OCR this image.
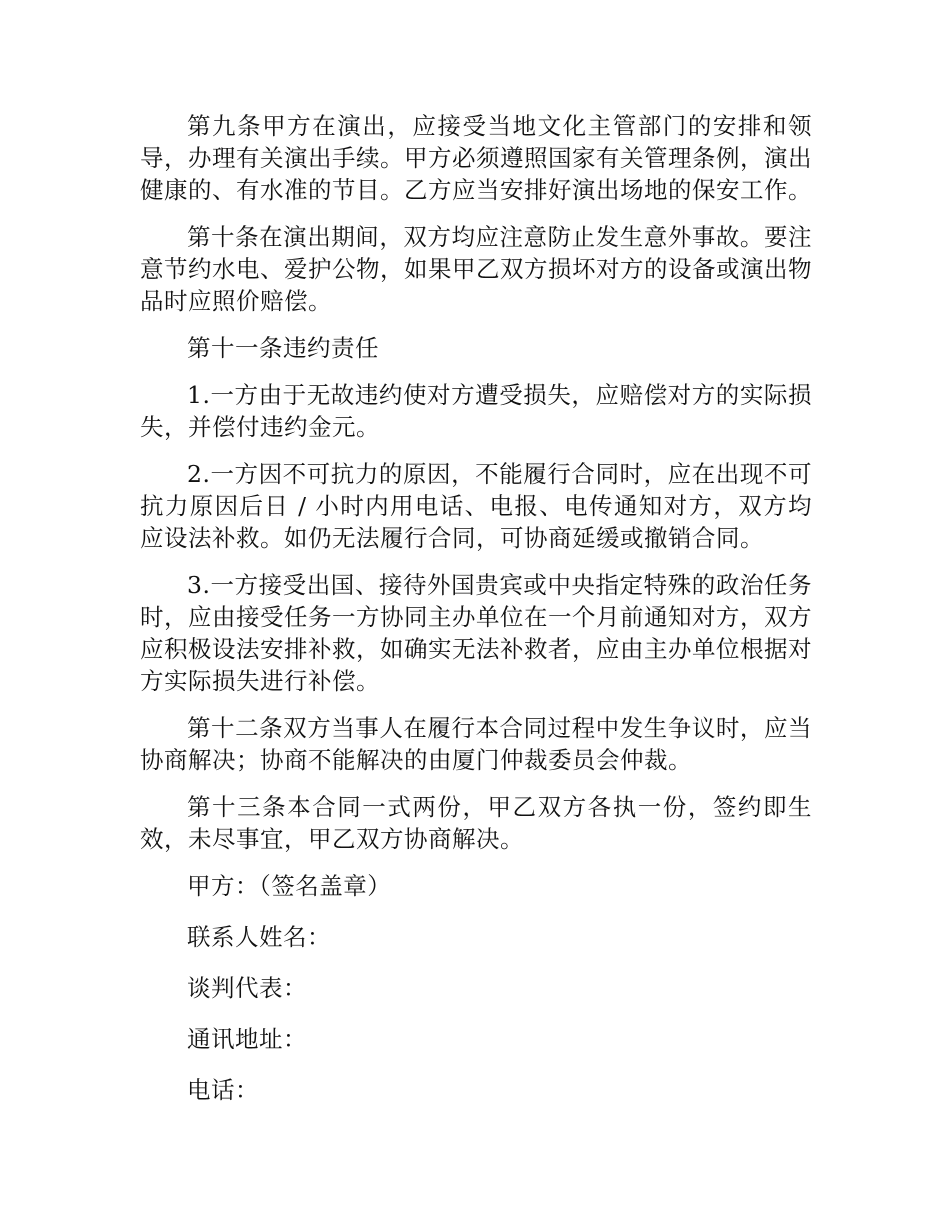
第九条甲方在演出，应接受当地文化主管部门的安排和领导，办理有关演出手续。甲方必须遵照国家有关管理条例，演出健康的、有水准的节目。乙方应当安排好演出场地的保安工作。

第十条在演出期间，双方均应注意防止发生意外事故。要注意节约水电、爱护公物，如果甲乙双方损坏对方的设备或演出物品时应照价赔偿。

第十一条违约责任

1.一方由于无故违约使对方遭受损失，应赔偿对方的实际损失，并偿付违约金元。

2.一方因不可抗力的原因，不能履行合同时，应在出现不可抗力原因后日 / 小时内用电话、电报、电传通知对方，双方均应设法补救。如仍无法履行合同，可协商延缓或撤销合同。

3.一方接受出国、接待外国贵宾或中央指定特殊的政治任务时，应由接受任务一方协同主办单位在一个月前通知对方，双方应积极设法安排补救，如确实无法补救者，应由主办单位根据对方实际损失进行补偿。

第十二条双方当事人在履行本合同过程中发生争议时，应当协商解决；协商不能解决的由厦门仲裁委员会仲裁。

第十三条本合同一式两份，甲乙双方各执一份，签约即生效，未尽事宜，甲乙双方协商解决。

甲方：（签名盖章）

联系人姓名：

谈判代表：

通讯地址：

电话：
